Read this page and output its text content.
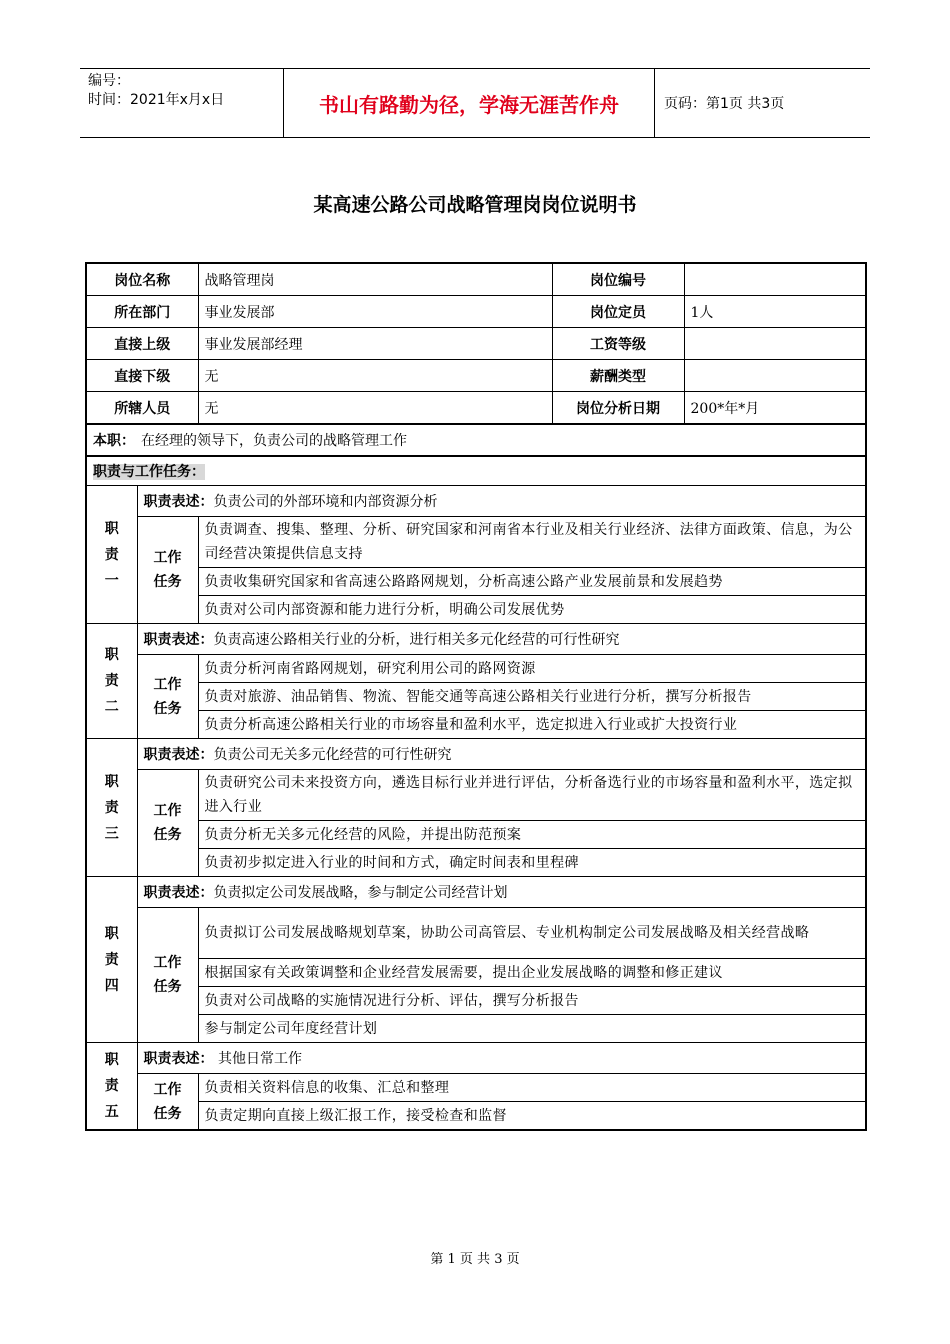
编号：
时间：2021年x月x日	书山有路勤为径，学海无涯苦作舟	页码：第1页 共3页
某高速公路公司战略管理岗岗位说明书
岗位名称		战略管理岗	岗位编号	
所在部门		事业发展部	岗位定员	1人
直接上级		事业发展部经理	工资等级	
直接下级		无	薪酬类型	
所辖人员		无	岗位分析日期	200*年*月
本职： 在经理的领导下，负责公司的战略管理工作				
职责与工作任务：				

职
责
一	职责表述：负责公司的外部环境和内部资源分析			

	工作
任务	负责调查、搜集、整理、分析、研究国家和河南省本行业及相关行业经济、法律方面政策、信息，为公司经营决策提供信息支持		
		负责收集研究国家和省高速公路路网规划，分析高速公路产业发展前景和发展趋势		
		负责对公司内部资源和能力进行分析，明确公司发展优势		

职
责
二	职责表述：负责高速公路相关行业的分析，进行相关多元化经营的可行性研究			

	工作
任务	负责分析河南省路网规划，研究利用公司的路网资源		
		负责对旅游、油品销售、物流、智能交通等高速公路相关行业进行分析，撰写分析报告		
		负责分析高速公路相关行业的市场容量和盈利水平，选定拟进入行业或扩大投资行业		

职
责
三	职责表述：负责公司无关多元化经营的可行性研究			

	工作
任务	负责研究公司未来投资方向，遴选目标行业并进行评估，分析备选行业的市场容量和盈利水平，选定拟进入行业		
		负责分析无关多元化经营的风险，并提出防范预案		
		负责初步拟定进入行业的时间和方式，确定时间表和里程碑		

职
责
四	职责表述：负责拟定公司发展战略，参与制定公司经营计划			

	工作
任务	负责拟订公司发展战略规划草案，协助公司高管层、专业机构制定公司发展战略及相关经营战略		
		根据国家有关政策调整和企业经营发展需要，提出企业发展战略的调整和修正建议		
		负责对公司战略的实施情况进行分析、评估，撰写分析报告		
		参与制定公司年度经营计划		

职
责
五	职责表述： 其他日常工作			

	工作
任务	负责相关资料信息的收集、汇总和整理		
		负责定期向直接上级汇报工作，接受检查和监督		
第 1 页 共 3 页
